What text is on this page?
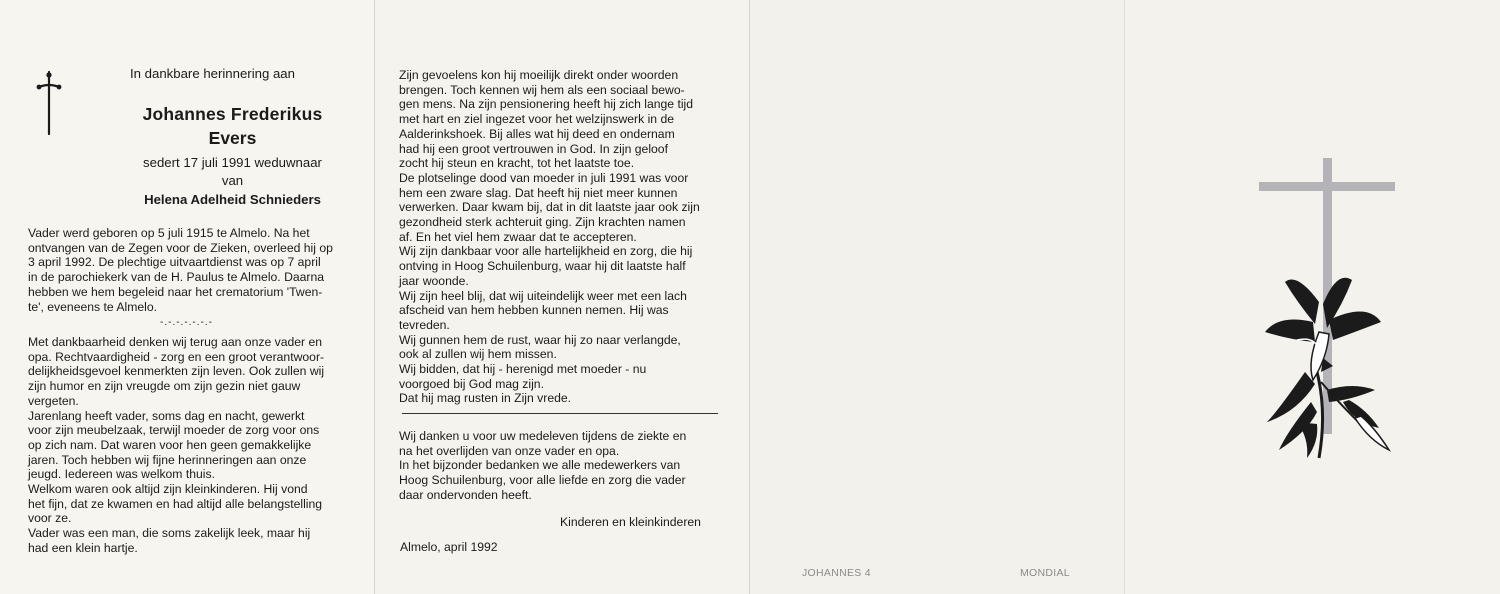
In dankbare herinnering aan
Johannes Frederikus
Evers
sedert 17 juli 1991 weduwnaar
van
Helena Adelheid Schnieders
Vader werd geboren op 5 juli 1915 te Almelo. Na het
ontvangen van de Zegen voor de Zieken, overleed hij op
3 april 1992. De plechtige uitvaartdienst was op 7 april
in de parochiekerk van de H. Paulus te Almelo. Daarna
hebben we hem begeleid naar het crematorium 'Twen-
te', eveneens te Almelo.
-.-.-.-.-.-.-
Met dankbaarheid denken wij terug aan onze vader en
opa. Rechtvaardigheid - zorg en een groot verantwoor-
delijkheidsgevoel kenmerkten zijn leven. Ook zullen wij
zijn humor en zijn vreugde om zijn gezin niet gauw
vergeten.
Jarenlang heeft vader, soms dag en nacht, gewerkt
voor zijn meubelzaak, terwijl moeder de zorg voor ons
op zich nam. Dat waren voor hen geen gemakkelijke
jaren. Toch hebben wij fijne herinneringen aan onze
jeugd. Iedereen was welkom thuis.
Welkom waren ook altijd zijn kleinkinderen. Hij vond
het fijn, dat ze kwamen en had altijd alle belangstelling
voor ze.
Vader was een man, die soms zakelijk leek, maar hij
had een klein hartje.
Zijn gevoelens kon hij moeilijk direkt onder woorden
brengen. Toch kennen wij hem als een sociaal bewo-
gen mens. Na zijn pensionering heeft hij zich lange tijd
met hart en ziel ingezet voor het welzijnswerk in de
Aalderinkshoek. Bij alles wat hij deed en ondernam
had hij een groot vertrouwen in God. In zijn geloof
zocht hij steun en kracht, tot het laatste toe.
De plotselinge dood van moeder in juli 1991 was voor
hem een zware slag. Dat heeft hij niet meer kunnen
verwerken. Daar kwam bij, dat in dit laatste jaar ook zijn
gezondheid sterk achteruit ging. Zijn krachten namen
af. En het viel hem zwaar dat te accepteren.
Wij zijn dankbaar voor alle hartelijkheid en zorg, die hij
ontving in Hoog Schuilenburg, waar hij dit laatste half
jaar woonde.
Wij zijn heel blij, dat wij uiteindelijk weer met een lach
afscheid van hem hebben kunnen nemen. Hij was
tevreden.
Wij gunnen hem de rust, waar hij zo naar verlangde,
ook al zullen wij hem missen.
Wij bidden, dat hij - herenigd met moeder - nu
voorgoed bij God mag zijn.
Dat hij mag rusten in Zijn vrede.
Wij danken u voor uw medeleven tijdens de ziekte en
na het overlijden van onze vader en opa.
In het bijzonder bedanken we alle medewerkers van
Hoog Schuilenburg, voor alle liefde en zorg die vader
daar ondervonden heeft.
Kinderen en kleinkinderen
Almelo, april 1992
JOHANNES 4	MONDIAL
